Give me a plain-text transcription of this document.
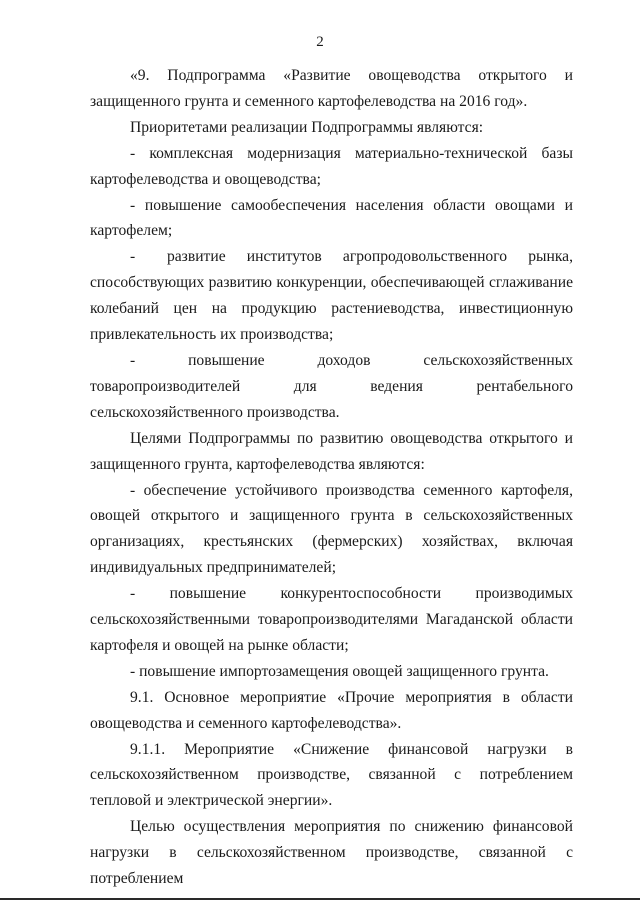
2

«9.   Подпрограмма   «Развитие   овощеводства   открытого   и защищенного грунта и семенного картофелеводства на 2016 год».

Приоритетами реализации Подпрограммы являются:

- комплексная модернизация материально-технической базы картофелеводства и овощеводства;

- повышение самообеспечения населения области овощами и картофелем;

-      развитие    институтов    агропродовольственного    рынка, способствующих развитию конкуренции, обеспечивающей сглаживание колебаний цен на продукцию растениеводства, инвестиционную привлекательность их производства;

- повышение доходов сельскохозяйственных товаропроизводителей для ведения рентабельного сельскохозяйственного производства.

Целями Подпрограммы по развитию овощеводства открытого и защищенного грунта, картофелеводства являются:

- обеспечение устойчивого производства семенного картофеля, овощей открытого и защищенного грунта в сельскохозяйственных организациях, крестьянских (фермерских) хозяйствах, включая индивидуальных предпринимателей;

-       повышение       конкурентоспособности       производимых сельскохозяйственными товаропроизводителями Магаданской области картофеля и овощей на рынке области;

- повышение импортозамещения овощей защищенного грунта.

9.1. Основное мероприятие «Прочие мероприятия в области овощеводства и семенного картофелеводства».

9.1.1.    Мероприятие    «Снижение    финансовой    нагрузки    в сельскохозяйственном производстве, связанной с потреблением тепловой и электрической энергии».

Целью осуществления мероприятия по снижению финансовой нагрузки в сельскохозяйственном производстве, связанной с потреблением
